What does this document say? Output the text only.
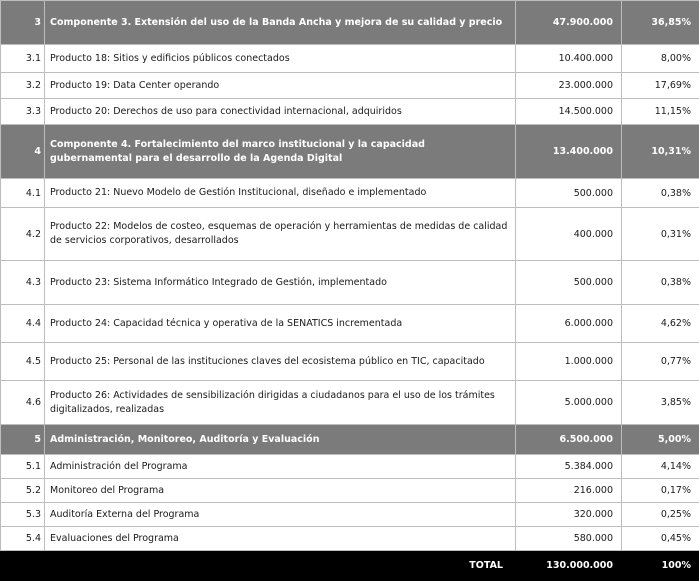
3	Componente 3. Extensión del uso de la Banda Ancha y mejora de su calidad y precio	47.900.000	36,85%
3.1	Producto 18: Sitios y edificios públicos conectados	10.400.000	8,00%
3.2	Producto 19: Data Center operando	23.000.000	17,69%
3.3	Producto 20: Derechos de uso para conectividad internacional, adquiridos	14.500.000	11,15%
4	Componente 4. Fortalecimiento del marco institucional y la capacidad gubernamental para el desarrollo de la Agenda Digital	13.400.000	10,31%
4.1	Producto 21: Nuevo Modelo de Gestión Institucional, diseñado e implementado	500.000	0,38%
4.2	Producto 22: Modelos de costeo, esquemas de operación y herramientas de medidas de calidad de servicios corporativos, desarrollados	400.000	0,31%
4.3	Producto 23: Sistema Informático Integrado de Gestión, implementado	500.000	0,38%
4.4	Producto 24: Capacidad técnica y operativa de la SENATICS incrementada	6.000.000	4,62%
4.5	Producto 25: Personal de las instituciones claves del ecosistema público en TIC, capacitado	1.000.000	0,77%
4.6	Producto 26: Actividades de sensibilización dirigidas a ciudadanos para el uso de los trámites digitalizados, realizadas	5.000.000	3,85%
5	Administración, Monitoreo, Auditoría y Evaluación	6.500.000	5,00%
5.1	Administración del Programa	5.384.000	4,14%
5.2	Monitoreo del Programa	216.000	0,17%
5.3	Auditoría Externa del Programa	320.000	0,25%
5.4	Evaluaciones del Programa	580.000	0,45%
	TOTAL	130.000.000	100%
